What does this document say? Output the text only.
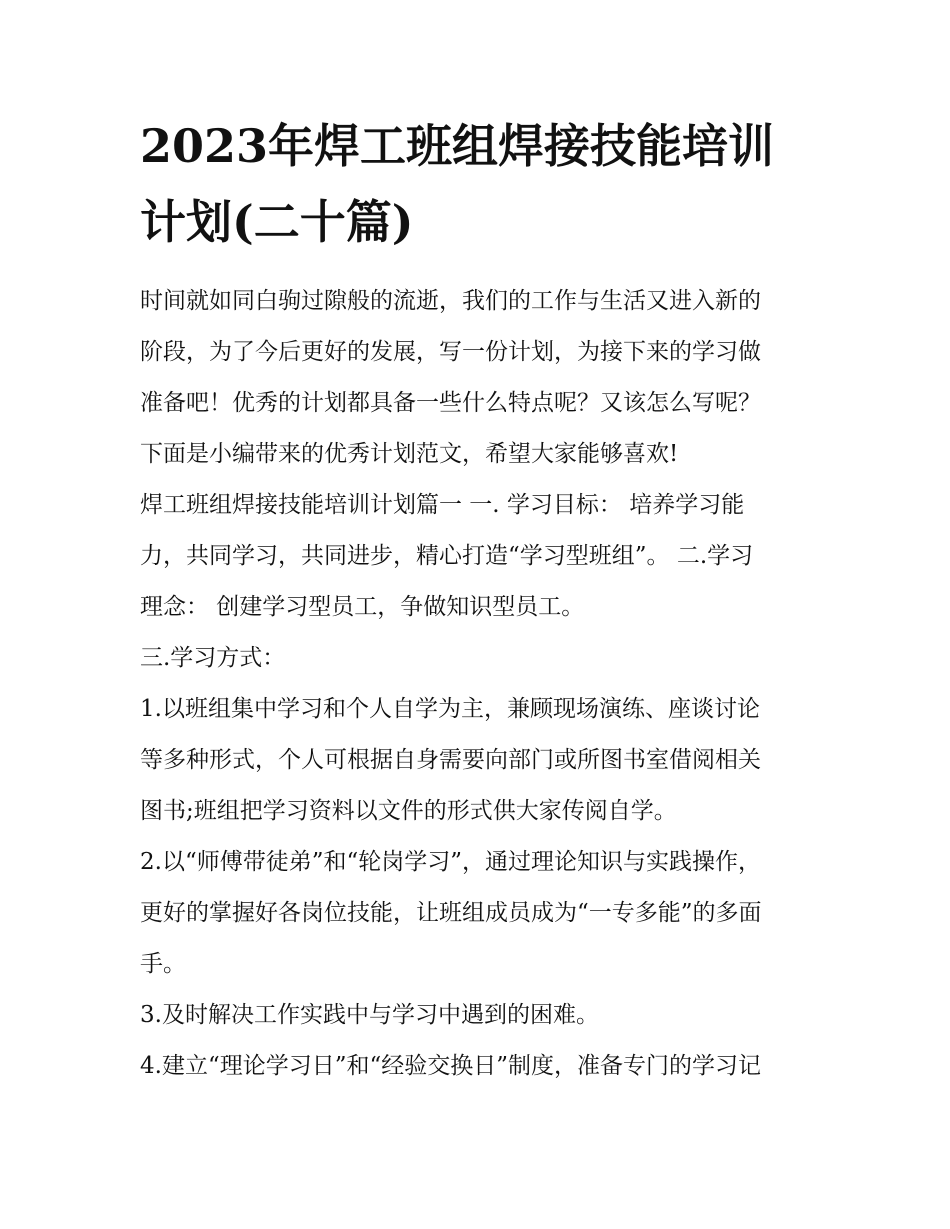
2023年焊工班组焊接技能培训
计划(二十篇)

时间就如同白驹过隙般的流逝，我们的工作与生活又进入新的

阶段，为了今后更好的发展，写一份计划，为接下来的学习做

准备吧！优秀的计划都具备一些什么特点呢？又该怎么写呢？

下面是小编带来的优秀计划范文，希望大家能够喜欢!

焊工班组焊接技能培训计划篇一 一. 学习目标： 培养学习能

力，共同学习，共同进步，精心打造“学习型班组”。 二.学习

理念： 创建学习型员工，争做知识型员工。

三.学习方式：

1.以班组集中学习和个人自学为主，兼顾现场演练、座谈讨论

等多种形式，个人可根据自身需要向部门或所图书室借阅相关

图书;班组把学习资料以文件的形式供大家传阅自学。

2.以“师傅带徒弟”和“轮岗学习”，通过理论知识与实践操作，

更好的掌握好各岗位技能，让班组成员成为“一专多能”的多面

手。

3.及时解决工作实践中与学习中遇到的困难。

4.建立“理论学习日”和“经验交换日”制度，准备专门的学习记
